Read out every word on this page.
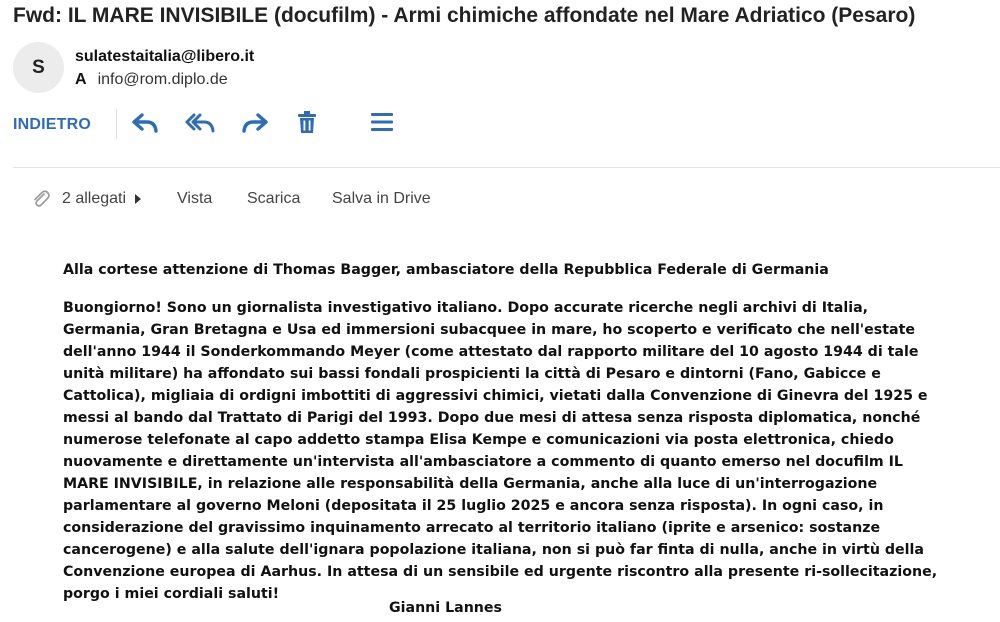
Fwd: IL MARE INVISIBILE (docufilm) - Armi chimiche affondate nel Mare Adriatico (Pesaro)
S	sulatestaitalia@libero.it
A info@rom.diplo.de
INDIETRO
2 allegati	Vista Scarica Salva in Drive
Alla cortese attenzione di Thomas Bagger, ambasciatore della Repubblica Federale di Germania
Buongiorno! Sono un giornalista investigativo italiano. Dopo accurate ricerche negli archivi di Italia, Germania, Gran Bretagna e Usa ed immersioni subacquee in mare, ho scoperto e verificato che nell'estate dell'anno 1944 il Sonderkommando Meyer (come attestato dal rapporto militare del 10 agosto 1944 di tale unità militare) ha affondato sui bassi fondali prospicienti la città di Pesaro e dintorni (Fano, Gabicce e Cattolica), migliaia di ordigni imbottiti di aggressivi chimici, vietati dalla Convenzione di Ginevra del 1925 e messi al bando dal Trattato di Parigi del 1993. Dopo due mesi di attesa senza risposta diplomatica, nonché numerose telefonate al capo addetto stampa Elisa Kempe e comunicazioni via posta elettronica, chiedo nuovamente e direttamente un'intervista all'ambasciatore a commento di quanto emerso nel docufilm IL MARE INVISIBILE, in relazione alle responsabilità della Germania, anche alla luce di un'interrogazione parlamentare al governo Meloni (depositata il 25 luglio 2025 e ancora senza risposta). In ogni caso, in considerazione del gravissimo inquinamento arrecato al territorio italiano (iprite e arsenico: sostanze cancerogene) e alla salute dell'ignara popolazione italiana, non si può far finta di nulla, anche in virtù della Convenzione europea di Aarhus. In attesa di un sensibile ed urgente riscontro alla presente ri-sollecitazione, porgo i miei cordiali saluti!
Gianni Lannes
